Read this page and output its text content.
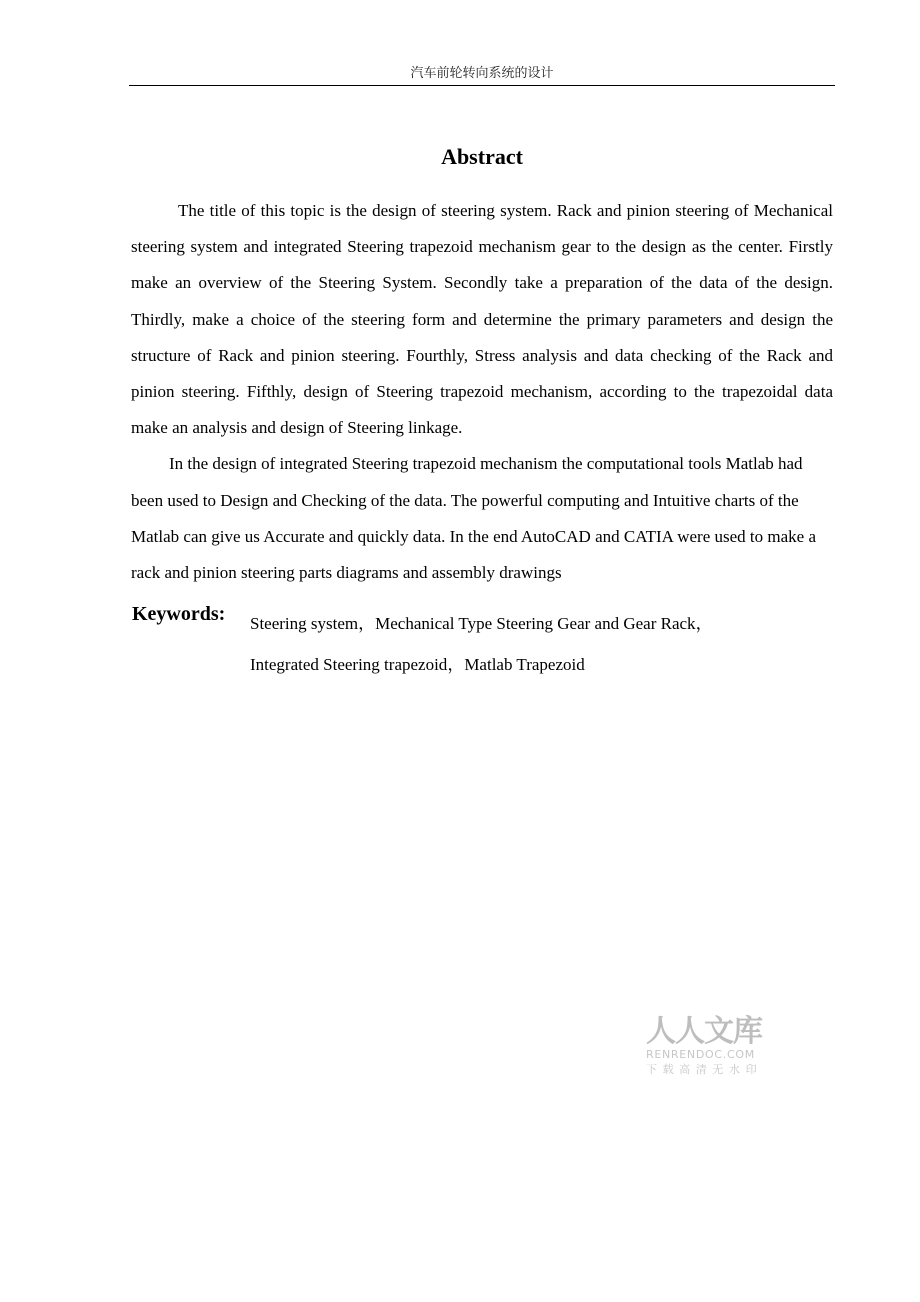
汽车前轮转向系统的设计
Abstract

The title of this topic is the design of steering system. Rack and pinion steering of Mechanical steering system and integrated Steering trapezoid mechanism gear to the design as the center. Firstly make an overview of the Steering System. Secondly take a preparation of the data of the design. Thirdly, make a choice of the steering form and determine the primary parameters and design the structure of Rack and pinion steering. Fourthly, Stress analysis and data checking of the Rack and pinion steering. Fifthly, design of Steering trapezoid mechanism, according to the trapezoidal data make an analysis and design of Steering linkage.

In the design of integrated Steering trapezoid mechanism the computational tools Matlab had been used to Design and Checking of the data. The powerful computing and Intuitive charts of the Matlab can give us Accurate and quickly data. In the end AutoCAD and CATIA were used to make a rack and pinion steering parts diagrams and assembly drawings

Keywords: Steering system，Mechanical Type Steering Gear and Gear Rack，
Integrated Steering trapezoid，Matlab Trapezoid
人人文库
RENRENDOC.COM
下载高清无水印
